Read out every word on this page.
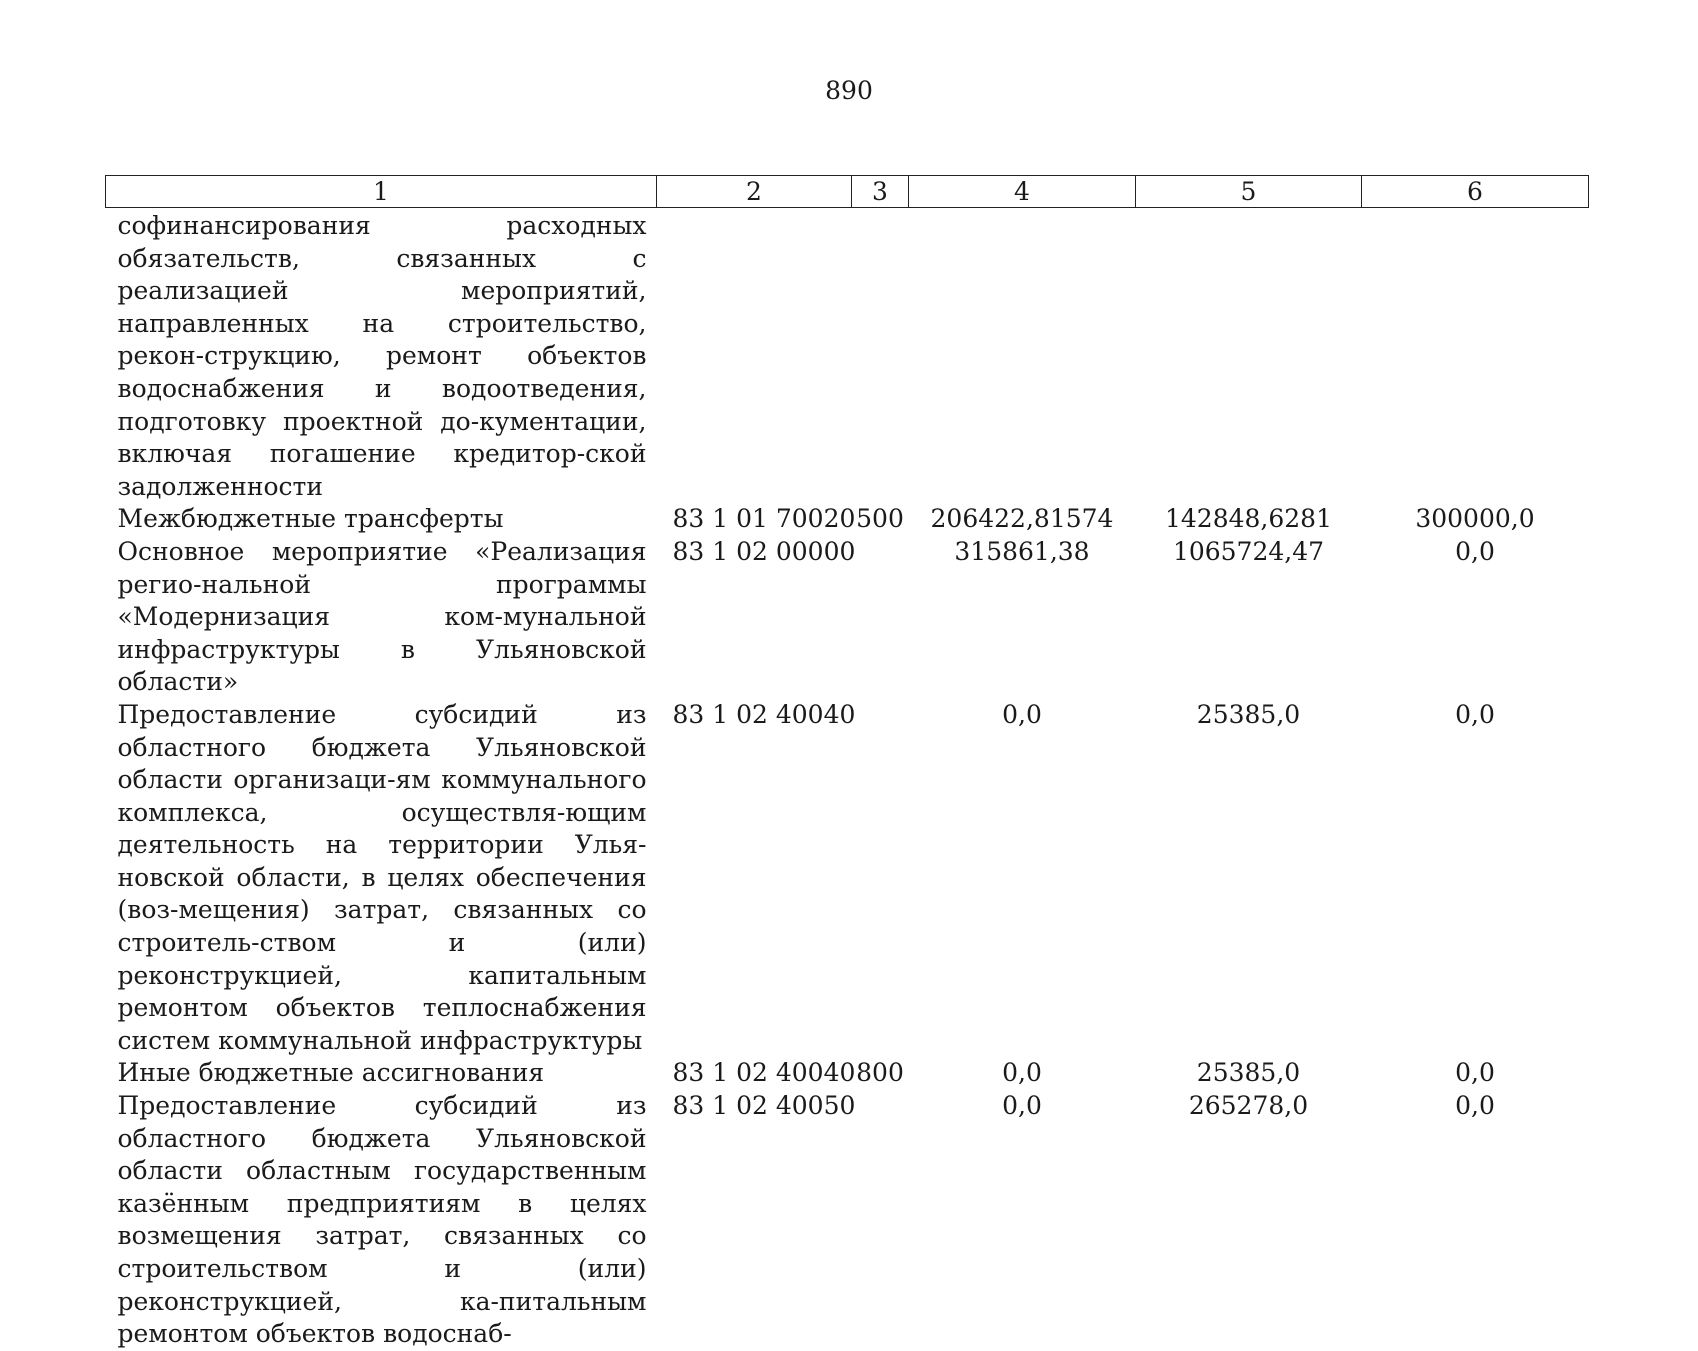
890
1	2	3	4	5	6
софинансирования расходных обязательств, связанных с реализацией мероприятий, направленных на строительство, рекон-струкцию, ремонт объектов водоснабжения и водоотведения, подготовку проектной до-кументации, включая погашение кредитор-ской задолженности					
Межбюджетные трансферты	83 1 01 70020	500	206422,81574	142848,6281	300000,0
Основное мероприятие «Реализация регио-нальной программы «Модернизация ком-мунальной инфраструктуры в Ульяновской области»	83 1 02 00000		315861,38	1065724,47	0,0
Предоставление субсидий из областного бюджета Ульяновской области организаци-ям коммунального комплекса, осуществля-ющим деятельность на территории Улья-новской области, в целях обеспечения (воз-мещения) затрат, связанных со строитель-ством и (или) реконструкцией, капитальным ремонтом объектов теплоснабжения систем коммунальной инфраструктуры	83 1 02 40040		0,0	25385,0	0,0
Иные бюджетные ассигнования	83 1 02 40040	800	0,0	25385,0	0,0
Предоставление субсидий из областного бюджета Ульяновской области областным государственным казённым предприятиям в целях возмещения затрат, связанных со строительством и (или) реконструкцией, ка-питальным ремонтом объектов водоснаб-	83 1 02 40050		0,0	265278,0	0,0
